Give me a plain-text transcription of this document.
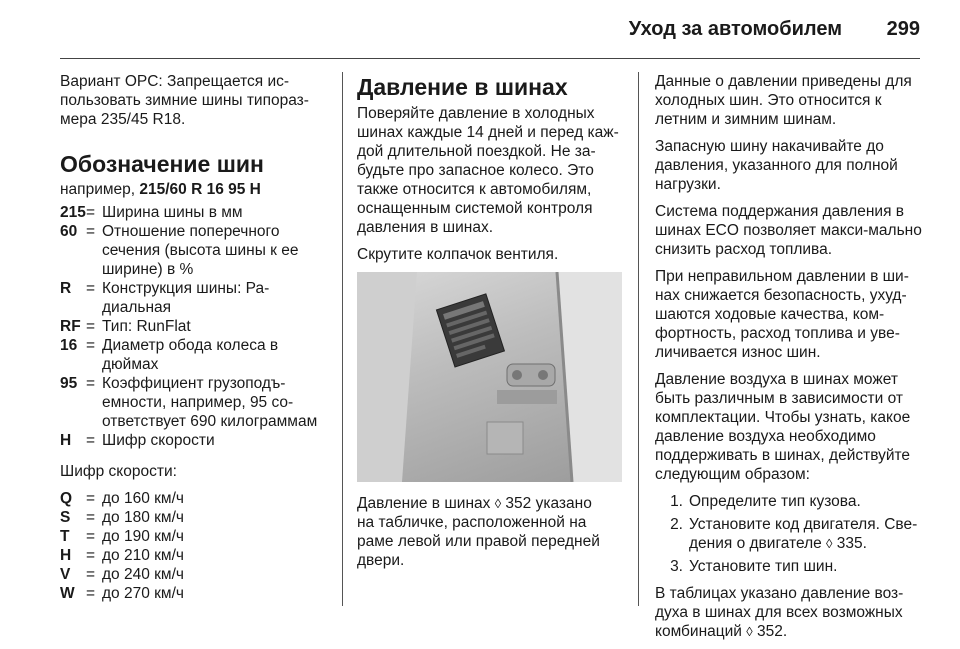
Уход за автомобилем 299

Вариант OPC: Запрещается ис-пользовать зимние шины типораз-мера 235/45 R18.

Обозначение шин

например, 215/60 R 16 95 H

215 = Ширина шины в мм
60 = Отношение поперечного сечения (высота шины к ее ширине) в %
R = Конструкция шины: Ра-диальная
RF = Тип: RunFlat
16 = Диаметр обода колеса в дюймах
95 = Коэффициент грузоподъ-емности, например, 95 со-ответствует 690 килограммам
H = Шифр скорости

Шифр скорости:

Q = до 160 км/ч
S	= до 180 км/ч
T	= до 190 км/ч
H = до 210 км/ч
V	= до 240 км/ч
W = до 270 км/ч
Давление в шинах

Поверяйте давление в холодных шинах каждые 14 дней и перед каж-дой длительной поездкой. Не за-будьте про запасное колесо. Это также относится к автомобилям, оснащенным системой контроля давления в шинах.

Скрутите колпачок вентиля.

Давление в шинах ◊ 352 указано

на табличке, расположенной на раме левой или правой передней двери.

Данные о давлении приведены для холодных шин. Это относится к летним и зимним шинам.

Запасную шину накачивайте до давления, указанного для полной нагрузки.

Система поддержания давления в шинах ECO позволяет макси-мально снизить расход топлива.

При неправильном давлении в ши-нах снижается безопасность, ухуд-шаются ходовые качества, ком-фортность, расход топлива и уве-личивается износ шин.

Давление воздуха в шинах может быть различным в зависимости от комплектации. Чтобы узнать, какое давление воздуха необходимо поддерживать в шинах, действуйте следующим образом:

1. Определите тип кузова.
2. Установите код двигателя. Све-дения о двигателе ◊ 335.
3. Установите тип шин.

В таблицах указано давление воз-духа в шинах для всех возможных комбинаций ◊ 352.
